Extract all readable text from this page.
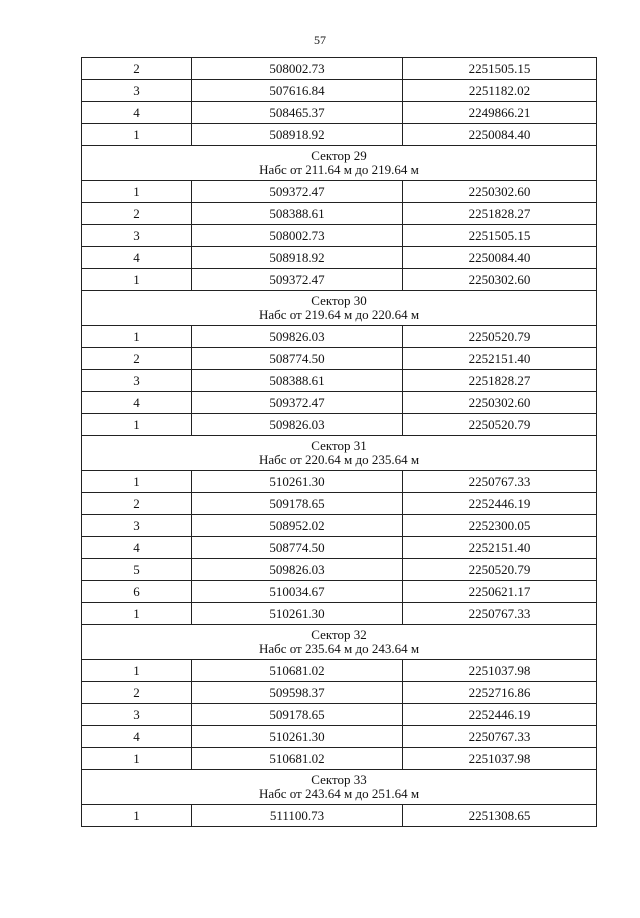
57
2	508002.73	2251505.15
3	507616.84	2251182.02
4	508465.37	2249866.21
1	508918.92	2250084.40

Сектор 29
Нaбс от 211.64 м до 219.64 м		

1	509372.47	2250302.60
2	508388.61	2251828.27
3	508002.73	2251505.15
4	508918.92	2250084.40
1	509372.47	2250302.60

Сектор 30
Нaбс от 219.64 м до 220.64 м		

1	509826.03	2250520.79
2	508774.50	2252151.40
3	508388.61	2251828.27
4	509372.47	2250302.60
1	509826.03	2250520.79

Сектор 31
Нaбс от 220.64 м до 235.64 м		

1	510261.30	2250767.33
2	509178.65	2252446.19
3	508952.02	2252300.05
4	508774.50	2252151.40
5	509826.03	2250520.79
6	510034.67	2250621.17
1	510261.30	2250767.33

Сектор 32
Нaбс от 235.64 м до 243.64 м		

1	510681.02	2251037.98
2	509598.37	2252716.86
3	509178.65	2252446.19
4	510261.30	2250767.33
1	510681.02	2251037.98

Сектор 33
Нaбс от 243.64 м до 251.64 м		

1	511100.73	2251308.65
